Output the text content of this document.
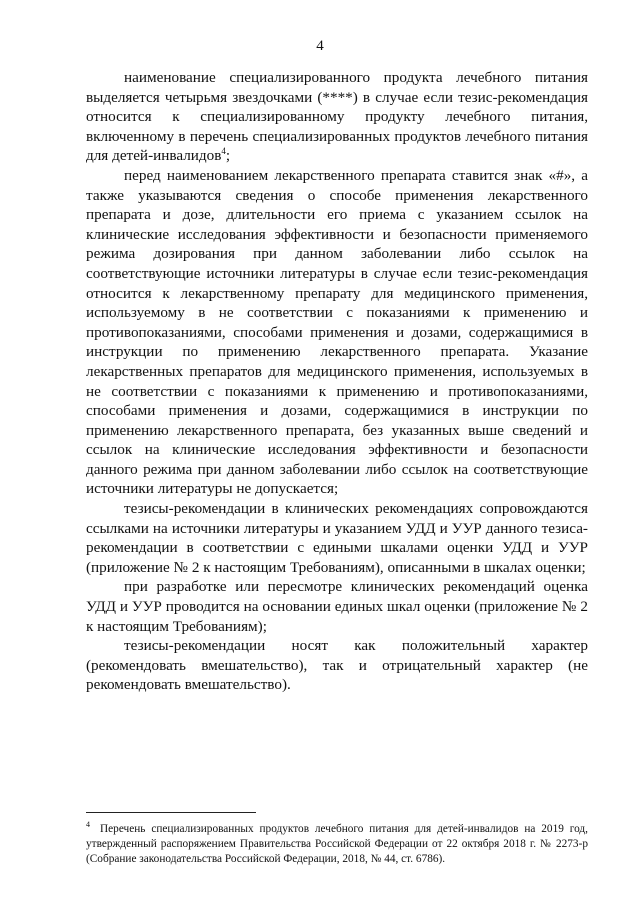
4

наименование специализированного продукта лечебного питания выделяется четырьмя звездочками (****) в случае если тезис-рекомендация относится к специализированному продукту лечебного питания, включенному в перечень специализированных продуктов лечебного питания для детей-инвалидов$^4$;

перед наименованием лекарственного препарата ставится знак «#», а также указываются сведения о способе применения лекарственного препарата и дозе, длительности его приема с указанием ссылок на клинические исследования эффективности и безопасности применяемого режима дозирования при данном заболевании либо ссылок на соответствующие источники литературы в случае если тезис-рекомендация относится к лекарственному препарату для медицинского применения, используемому в не соответствии с показаниями к применению и противопоказаниями, способами применения и дозами, содержащимися в инструкции по применению лекарственного препарата. Указание лекарственных препаратов для медицинского применения, используемых в не соответствии с показаниями к применению и противопоказаниями, способами применения и дозами, содержащимися в инструкции по применению лекарственного препарата, без указанных выше сведений и ссылок на клинические исследования эффективности и безопасности данного режима при данном заболевании либо ссылок на соответствующие источники литературы не допускается;

тезисы-рекомендации в клинических рекомендациях сопровождаются ссылками на источники литературы и указанием УДД и УУР данного тезиса-рекомендации в соответствии с едиными шкалами оценки УДД и УУР (приложение № 2 к настоящим Требованиям), описанными в шкалах оценки;

при разработке или пересмотре клинических рекомендаций оценка УДД и УУР проводится на основании единых шкал оценки (приложение № 2 к настоящим Требованиям);

тезисы-рекомендации носят как положительный характер (рекомендовать вмешательство), так и отрицательный характер (не рекомендовать вмешательство).

$^4$ Перечень специализированных продуктов лечебного питания для детей-инвалидов на 2019 год, утвержденный распоряжением Правительства Российской Федерации от 22 октября 2018 г. № 2273-р (Собрание законодательства Российской Федерации, 2018, № 44, ст. 6786).
